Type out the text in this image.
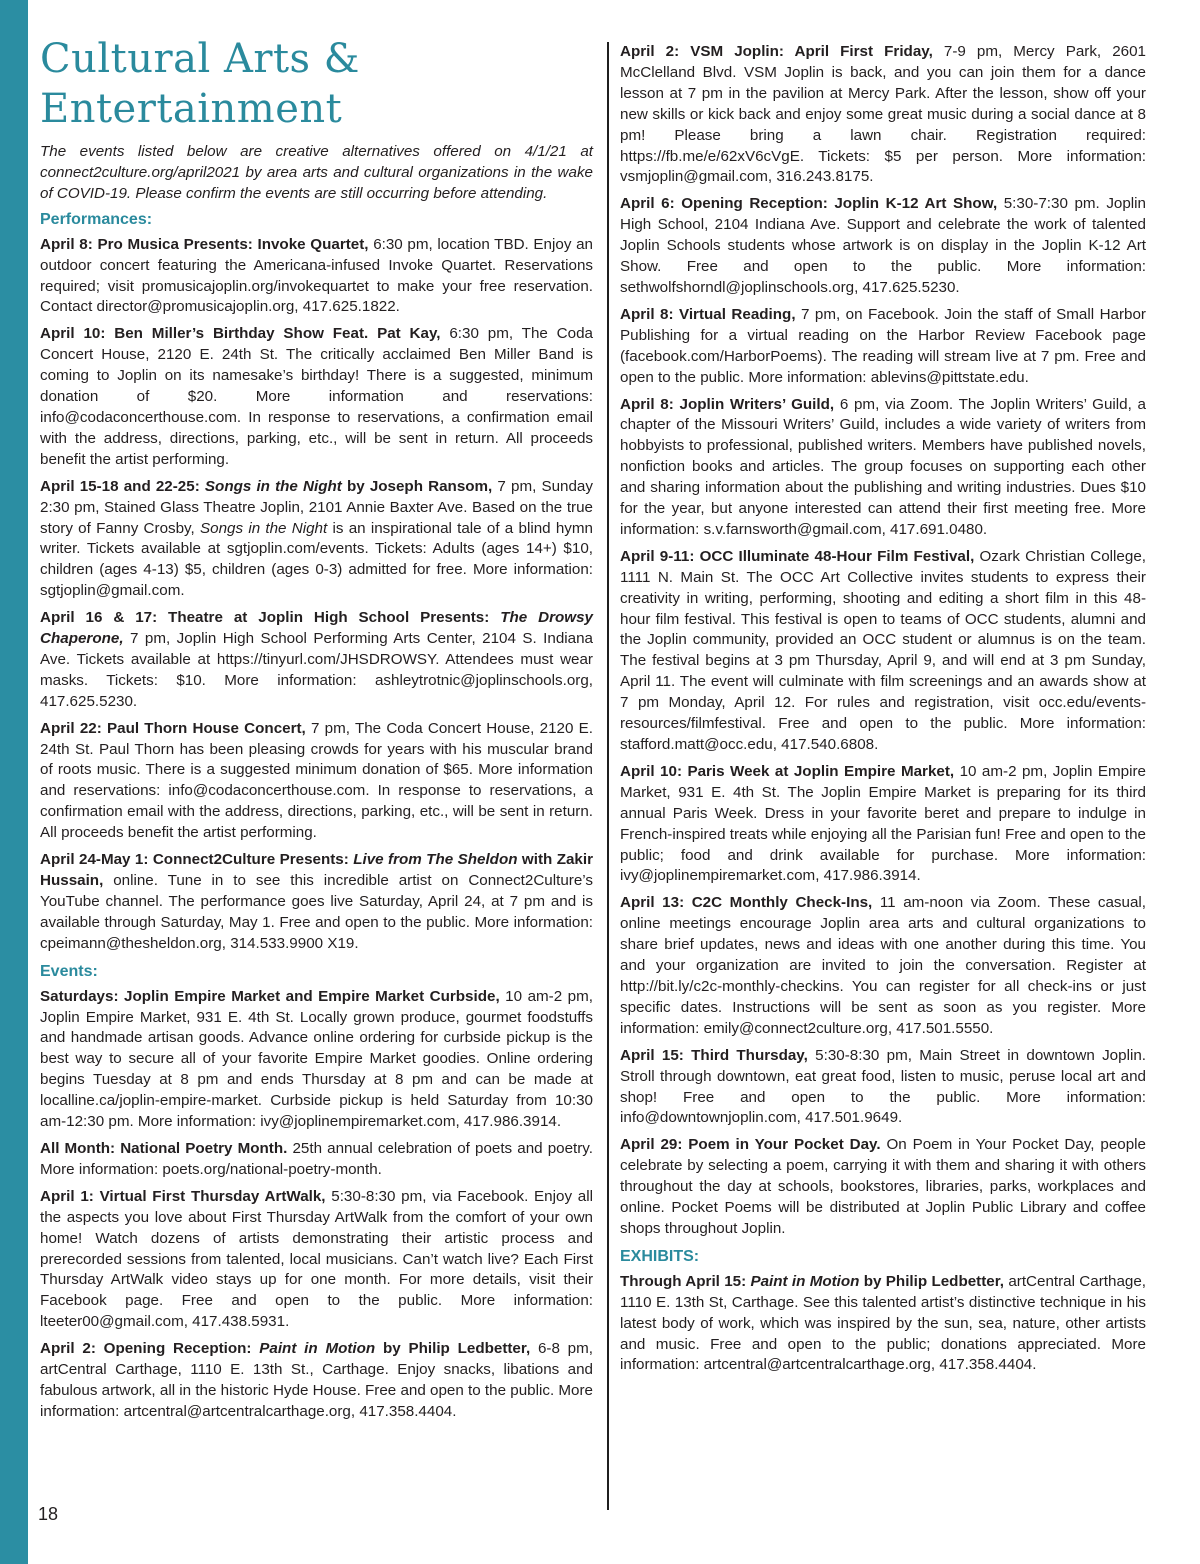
Cultural Arts & Entertainment

The events listed below are creative alternatives offered on 4/1/21 at connect2culture.org/april2021 by area arts and cultural organizations in the wake of COVID-19. Please confirm the events are still occurring before attending.

Performances:

April 8: Pro Musica Presents: Invoke Quartet, 6:30 pm, location TBD. Enjoy an outdoor concert featuring the Americana-infused Invoke Quartet. Reservations required; visit promusicajoplin.org/invokequartet to make your free reservation. Contact director@promusicajoplin.org, 417.625.1822.

April 10: Ben Miller’s Birthday Show Feat. Pat Kay, 6:30 pm, The Coda Concert House, 2120 E. 24th St. The critically acclaimed Ben Miller Band is coming to Joplin on its namesake’s birthday! There is a suggested, minimum donation of $20. More information and reservations: info@codaconcerthouse.com. In response to reservations, a confirmation email with the address, directions, parking, etc., will be sent in return. All proceeds benefit the artist performing.

April 15-18 and 22-25: Songs in the Night by Joseph Ransom, 7 pm, Sunday 2:30 pm, Stained Glass Theatre Joplin, 2101 Annie Baxter Ave. Based on the true story of Fanny Crosby, Songs in the Night is an inspirational tale of a blind hymn writer. Tickets available at sgtjoplin.com/events. Tickets: Adults (ages 14+) $10, children (ages 4-13) $5, children (ages 0-3) admitted for free. More information: sgtjoplin@gmail.com.

April 16 & 17: Theatre at Joplin High School Presents: The Drowsy Chaperone, 7 pm, Joplin High School Performing Arts Center, 2104 S. Indiana Ave. Tickets available at https://tinyurl.com/JHSDROWSY. Attendees must wear masks. Tickets: $10. More information: ashleytrotnic@joplinschools.org, 417.625.5230.

April 22: Paul Thorn House Concert, 7 pm, The Coda Concert House, 2120 E. 24th St. Paul Thorn has been pleasing crowds for years with his muscular brand of roots music. There is a suggested minimum donation of $65. More information and reservations: info@codaconcerthouse.com. In response to reservations, a confirmation email with the address, directions, parking, etc., will be sent in return. All proceeds benefit the artist performing.

April 24-May 1: Connect2Culture Presents: Live from The Sheldon with Zakir Hussain, online. Tune in to see this incredible artist on Connect2Culture’s YouTube channel. The performance goes live Saturday, April 24, at 7 pm and is available through Saturday, May 1. Free and open to the public. More information: cpeimann@thesheldon.org, 314.533.9900 X19.

Events:

Saturdays: Joplin Empire Market and Empire Market Curbside, 10 am-2 pm, Joplin Empire Market, 931 E. 4th St. Locally grown produce, gourmet foodstuffs and handmade artisan goods. Advance online ordering for curbside pickup is the best way to secure all of your favorite Empire Market goodies. Online ordering begins Tuesday at 8 pm and ends Thursday at 8 pm and can be made at localline.ca/joplin-empire-market. Curbside pickup is held Saturday from 10:30 am-12:30 pm. More information: ivy@joplinempiremarket.com, 417.986.3914.

All Month: National Poetry Month. 25th annual celebration of poets and poetry. More information: poets.org/national-poetry-month.

April 1: Virtual First Thursday ArtWalk, 5:30-8:30 pm, via Facebook. Enjoy all the aspects you love about First Thursday ArtWalk from the comfort of your own home! Watch dozens of artists demonstrating their artistic process and prerecorded sessions from talented, local musicians. Can’t watch live? Each First Thursday ArtWalk video stays up for one month. For more details, visit their Facebook page. Free and open to the public. More information: lteeter00@gmail.com, 417.438.5931.

April 2: Opening Reception: Paint in Motion by Philip Ledbetter, 6-8 pm, artCentral Carthage, 1110 E. 13th St., Carthage. Enjoy snacks, libations and fabulous artwork, all in the historic Hyde House. Free and open to the public. More information: artcentral@artcentralcarthage.org, 417.358.4404.

April 2: VSM Joplin: April First Friday, 7-9 pm, Mercy Park, 2601 McClelland Blvd. VSM Joplin is back, and you can join them for a dance lesson at 7 pm in the pavilion at Mercy Park. After the lesson, show off your new skills or kick back and enjoy some great music during a social dance at 8 pm! Please bring a lawn chair. Registration required: https://fb.me/e/62xV6cVgE. Tickets: $5 per person. More information: vsmjoplin@gmail.com, 316.243.8175.

April 6: Opening Reception: Joplin K-12 Art Show, 5:30-7:30 pm. Joplin High School, 2104 Indiana Ave. Support and celebrate the work of talented Joplin Schools students whose artwork is on display in the Joplin K-12 Art Show. Free and open to the public. More information: sethwolfshorndl@joplinschools.org, 417.625.5230.

April 8: Virtual Reading, 7 pm, on Facebook. Join the staff of Small Harbor Publishing for a virtual reading on the Harbor Review Facebook page (facebook.com/HarborPoems). The reading will stream live at 7 pm. Free and open to the public. More information: ablevins@pittstate.edu.

April 8: Joplin Writers’ Guild, 6 pm, via Zoom. The Joplin Writers’ Guild, a chapter of the Missouri Writers’ Guild, includes a wide variety of writers from hobbyists to professional, published writers. Members have published novels, nonfiction books and articles. The group focuses on supporting each other and sharing information about the publishing and writing industries. Dues $10 for the year, but anyone interested can attend their first meeting free. More information: s.v.farnsworth@gmail.com, 417.691.0480.

April 9-11: OCC Illuminate 48-Hour Film Festival, Ozark Christian College, 1111 N. Main St. The OCC Art Collective invites students to express their creativity in writing, performing, shooting and editing a short film in this 48-hour film festival. This festival is open to teams of OCC students, alumni and the Joplin community, provided an OCC student or alumnus is on the team. The festival begins at 3 pm Thursday, April 9, and will end at 3 pm Sunday, April 11. The event will culminate with film screenings and an awards show at 7 pm Monday, April 12. For rules and registration, visit occ.edu/events-resources/filmfestival. Free and open to the public. More information: stafford.matt@occ.edu, 417.540.6808.

April 10: Paris Week at Joplin Empire Market, 10 am-2 pm, Joplin Empire Market, 931 E. 4th St. The Joplin Empire Market is preparing for its third annual Paris Week. Dress in your favorite beret and prepare to indulge in French-inspired treats while enjoying all the Parisian fun! Free and open to the public; food and drink available for purchase. More information: ivy@joplinempiremarket.com, 417.986.3914.

April 13: C2C Monthly Check-Ins, 11 am-noon via Zoom. These casual, online meetings encourage Joplin area arts and cultural organizations to share brief updates, news and ideas with one another during this time. You and your organization are invited to join the conversation. Register at http://bit.ly/c2c-monthly-checkins. You can register for all check-ins or just specific dates. Instructions will be sent as soon as you register. More information: emily@connect2culture.org, 417.501.5550.

April 15: Third Thursday, 5:30-8:30 pm, Main Street in downtown Joplin. Stroll through downtown, eat great food, listen to music, peruse local art and shop! Free and open to the public. More information: info@downtownjoplin.com, 417.501.9649.

April 29: Poem in Your Pocket Day. On Poem in Your Pocket Day, people celebrate by selecting a poem, carrying it with them and sharing it with others throughout the day at schools, bookstores, libraries, parks, workplaces and online. Pocket Poems will be distributed at Joplin Public Library and coffee shops throughout Joplin.

EXHIBITS:

Through April 15: Paint in Motion by Philip Ledbetter, artCentral Carthage, 1110 E. 13th St, Carthage. See this talented artist’s distinctive technique in his latest body of work, which was inspired by the sun, sea, nature, other artists and music. Free and open to the public; donations appreciated. More information: artcentral@artcentralcarthage.org, 417.358.4404.

18
